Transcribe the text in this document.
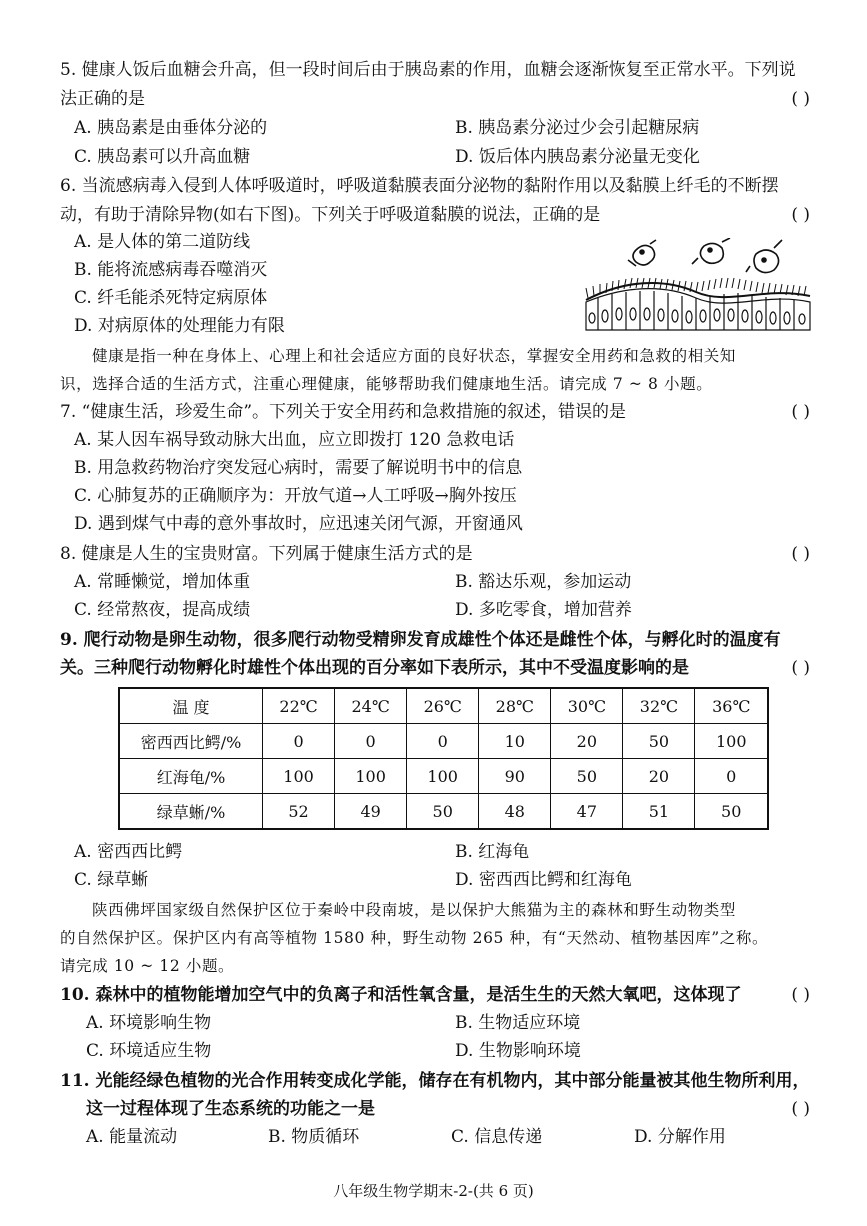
5. 健康人饭后血糖会升高，但一段时间后由于胰岛素的作用，血糖会逐渐恢复至正常水平。下列说
法正确的是	( )
A. 胰岛素是由垂体分泌的	B. 胰岛素分泌过少会引起糖尿病
C. 胰岛素可以升高血糖	D. 饭后体内胰岛素分泌量无变化
6. 当流感病毒入侵到人体呼吸道时，呼吸道黏膜表面分泌物的黏附作用以及黏膜上纤毛的不断摆
动，有助于清除异物(如右下图)。下列关于呼吸道黏膜的说法，正确的是	( )
A. 是人体的第二道防线
B. 能将流感病毒吞噬消灭
C. 纤毛能杀死特定病原体
D. 对病原体的处理能力有限
健康是指一种在身体上、心理上和社会适应方面的良好状态，掌握安全用药和急救的相关知
识，选择合适的生活方式，注重心理健康，能够帮助我们健康地生活。请完成 7 ~ 8 小题。
7. “健康生活，珍爱生命”。下列关于安全用药和急救措施的叙述，错误的是	( )
A. 某人因车祸导致动脉大出血，应立即拨打 120 急救电话
B. 用急救药物治疗突发冠心病时，需要了解说明书中的信息
C. 心肺复苏的正确顺序为：开放气道→人工呼吸→胸外按压
D. 遇到煤气中毒的意外事故时，应迅速关闭气源，开窗通风
8. 健康是人生的宝贵财富。下列属于健康生活方式的是	( )
A. 常睡懒觉，增加体重	B. 豁达乐观，参加运动
C. 经常熬夜，提高成绩	D. 多吃零食，增加营养
9. 爬行动物是卵生动物，很多爬行动物受精卵发育成雄性个体还是雌性个体，与孵化时的温度有
关。三种爬行动物孵化时雄性个体出现的百分率如下表所示，其中不受温度影响的是	( )
温 度	22℃	24℃	26℃	28℃	30℃	32℃	36℃
密西西比鳄/%	0	0	0	10	20	50	100
红海龟/%	100	100	100	90	50	20	0
绿草蜥/%	52	49	50	48	47	51	50
A. 密西西比鳄	B. 红海龟
C. 绿草蜥	D. 密西西比鳄和红海龟
陕西佛坪国家级自然保护区位于秦岭中段南坡，是以保护大熊猫为主的森林和野生动物类型
的自然保护区。保护区内有高等植物 1580 种，野生动物 265 种，有“天然动、植物基因库”之称。
请完成 10 ~ 12 小题。
10. 森林中的植物能增加空气中的负离子和活性氧含量，是活生生的天然大氧吧，这体现了	( )
A. 环境影响生物	B. 生物适应环境
C. 环境适应生物	D. 生物影响环境
11. 光能经绿色植物的光合作用转变成化学能，储存在有机物内，其中部分能量被其他生物所利用，
这一过程体现了生态系统的功能之一是	( )
A. 能量流动	B. 物质循环	C. 信息传递	D. 分解作用
八年级生物学期末-2-(共 6 页)
